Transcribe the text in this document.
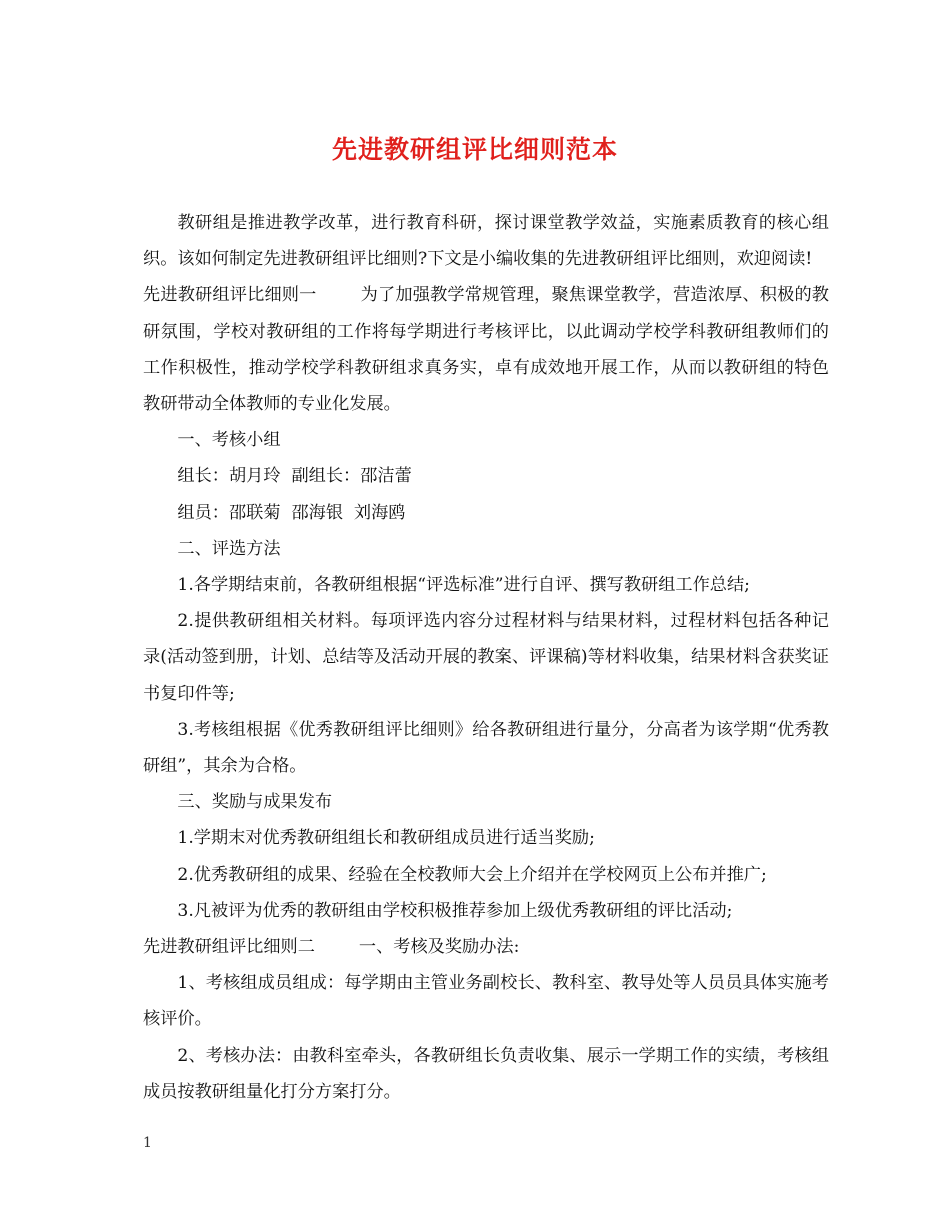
先进教研组评比细则范本

教研组是推进教学改革，进行教育科研，探讨课堂教学效益，实施素质教育的核心组织。该如何制定先进教研组评比细则?下文是小编收集的先进教研组评比细则，欢迎阅读!

先进教研组评比细则一	为了加强教学常规管理，聚焦课堂教学，营造浓厚、积极的教研氛围，学校对教研组的工作将每学期进行考核评比，以此调动学校学科教研组教师们的工作积极性，推动学校学科教研组求真务实，卓有成效地开展工作，从而以教研组的特色教研带动全体教师的专业化发展。

一、考核小组

组长：胡月玲  副组长：邵洁蕾

组员：邵联菊  邵海银  刘海鸥

二、评选方法

1.各学期结束前，各教研组根据“评选标准”进行自评、撰写教研组工作总结;

2.提供教研组相关材料。每项评选内容分过程材料与结果材料，过程材料包括各种记录(活动签到册，计划、总结等及活动开展的教案、评课稿)等材料收集，结果材料含获奖证书复印件等;

3.考核组根据《优秀教研组评比细则》给各教研组进行量分，分高者为该学期“优秀教研组”，其余为合格。

三、奖励与成果发布

1.学期末对优秀教研组组长和教研组成员进行适当奖励;

2.优秀教研组的成果、经验在全校教师大会上介绍并在学校网页上公布并推广;

3.凡被评为优秀的教研组由学校积极推荐参加上级优秀教研组的评比活动;

先进教研组评比细则二	一、考核及奖励办法:

1、考核组成员组成：每学期由主管业务副校长、教科室、教导处等人员员具体实施考核评价。

2、考核办法：由教科室牵头，各教研组长负责收集、展示一学期工作的实绩，考核组成员按教研组量化打分方案打分。

1
